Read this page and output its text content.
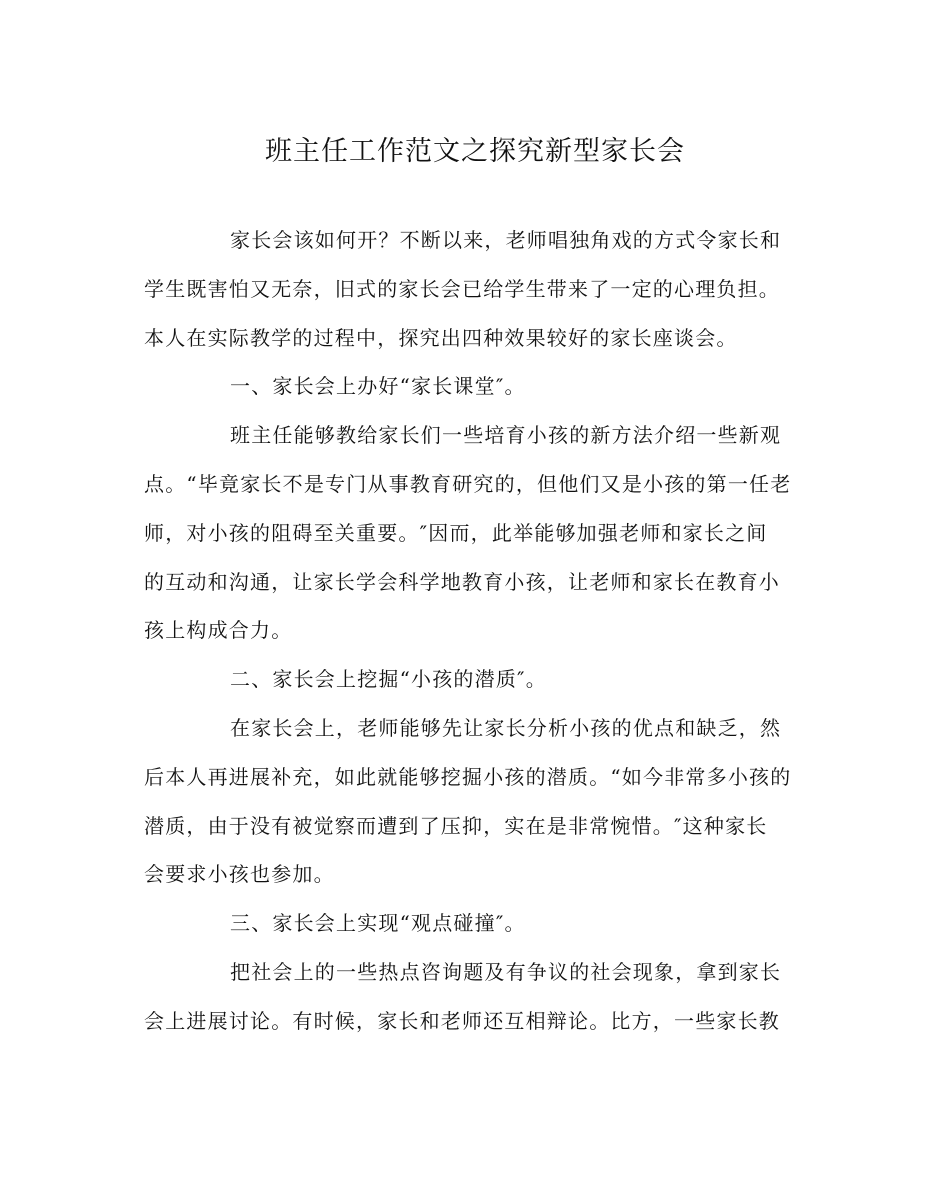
班主任工作范文之探究新型家长会

家长会该如何开？不断以来，老师唱独角戏的方式令家长和
学生既害怕又无奈，旧式的家长会已给学生带来了一定的心理负担。
本人在实际教学的过程中，探究出四种效果较好的家长座谈会。

一、家长会上办好“家长课堂″。

班主任能够教给家长们一些培育小孩的新方法介绍一些新观
点。“毕竟家长不是专门从事教育研究的，但他们又是小孩的第一任老
师，对小孩的阻碍至关重要。″因而，此举能够加强老师和家长之间
的互动和沟通，让家长学会科学地教育小孩，让老师和家长在教育小
孩上构成合力。

二、家长会上挖掘“小孩的潜质″。

在家长会上，老师能够先让家长分析小孩的优点和缺乏，然
后本人再进展补充，如此就能够挖掘小孩的潜质。“如今非常多小孩的
潜质，由于没有被觉察而遭到了压抑，实在是非常惋惜。″这种家长
会要求小孩也参加。

三、家长会上实现“观点碰撞″。

把社会上的一些热点咨询题及有争议的社会现象，拿到家长
会上进展讨论。有时候，家长和老师还互相辩论。比方，一些家长教
